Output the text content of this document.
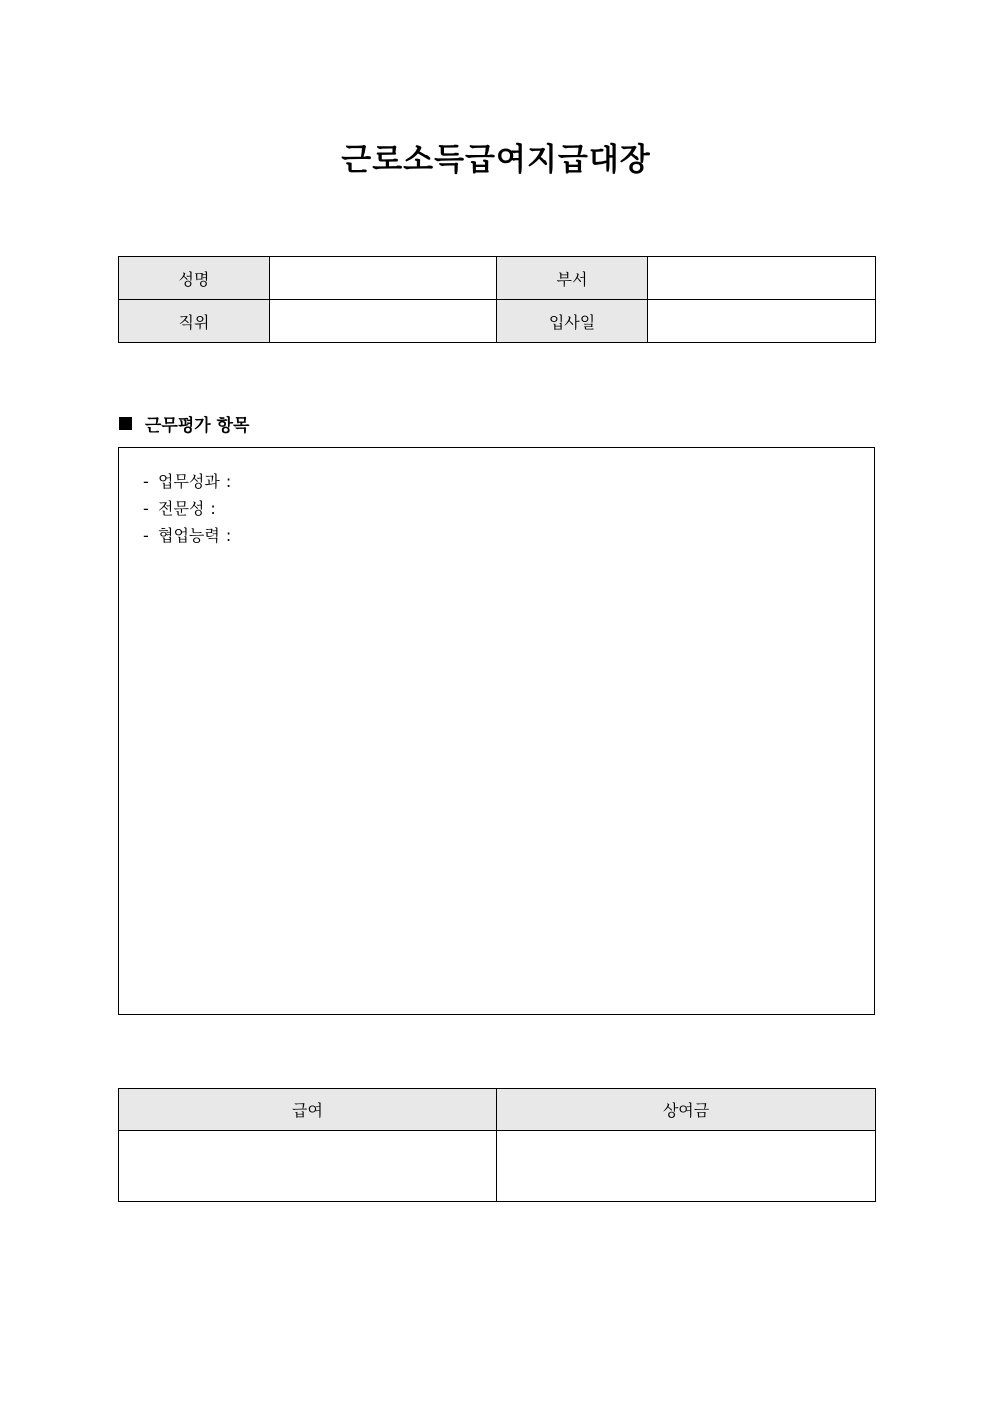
근로소득급여지급대장
성명		부서	
직위		입사일	
근무평가 항목
- 업무성과 :
- 전문성 :
- 협업능력 :
급여	상여금
